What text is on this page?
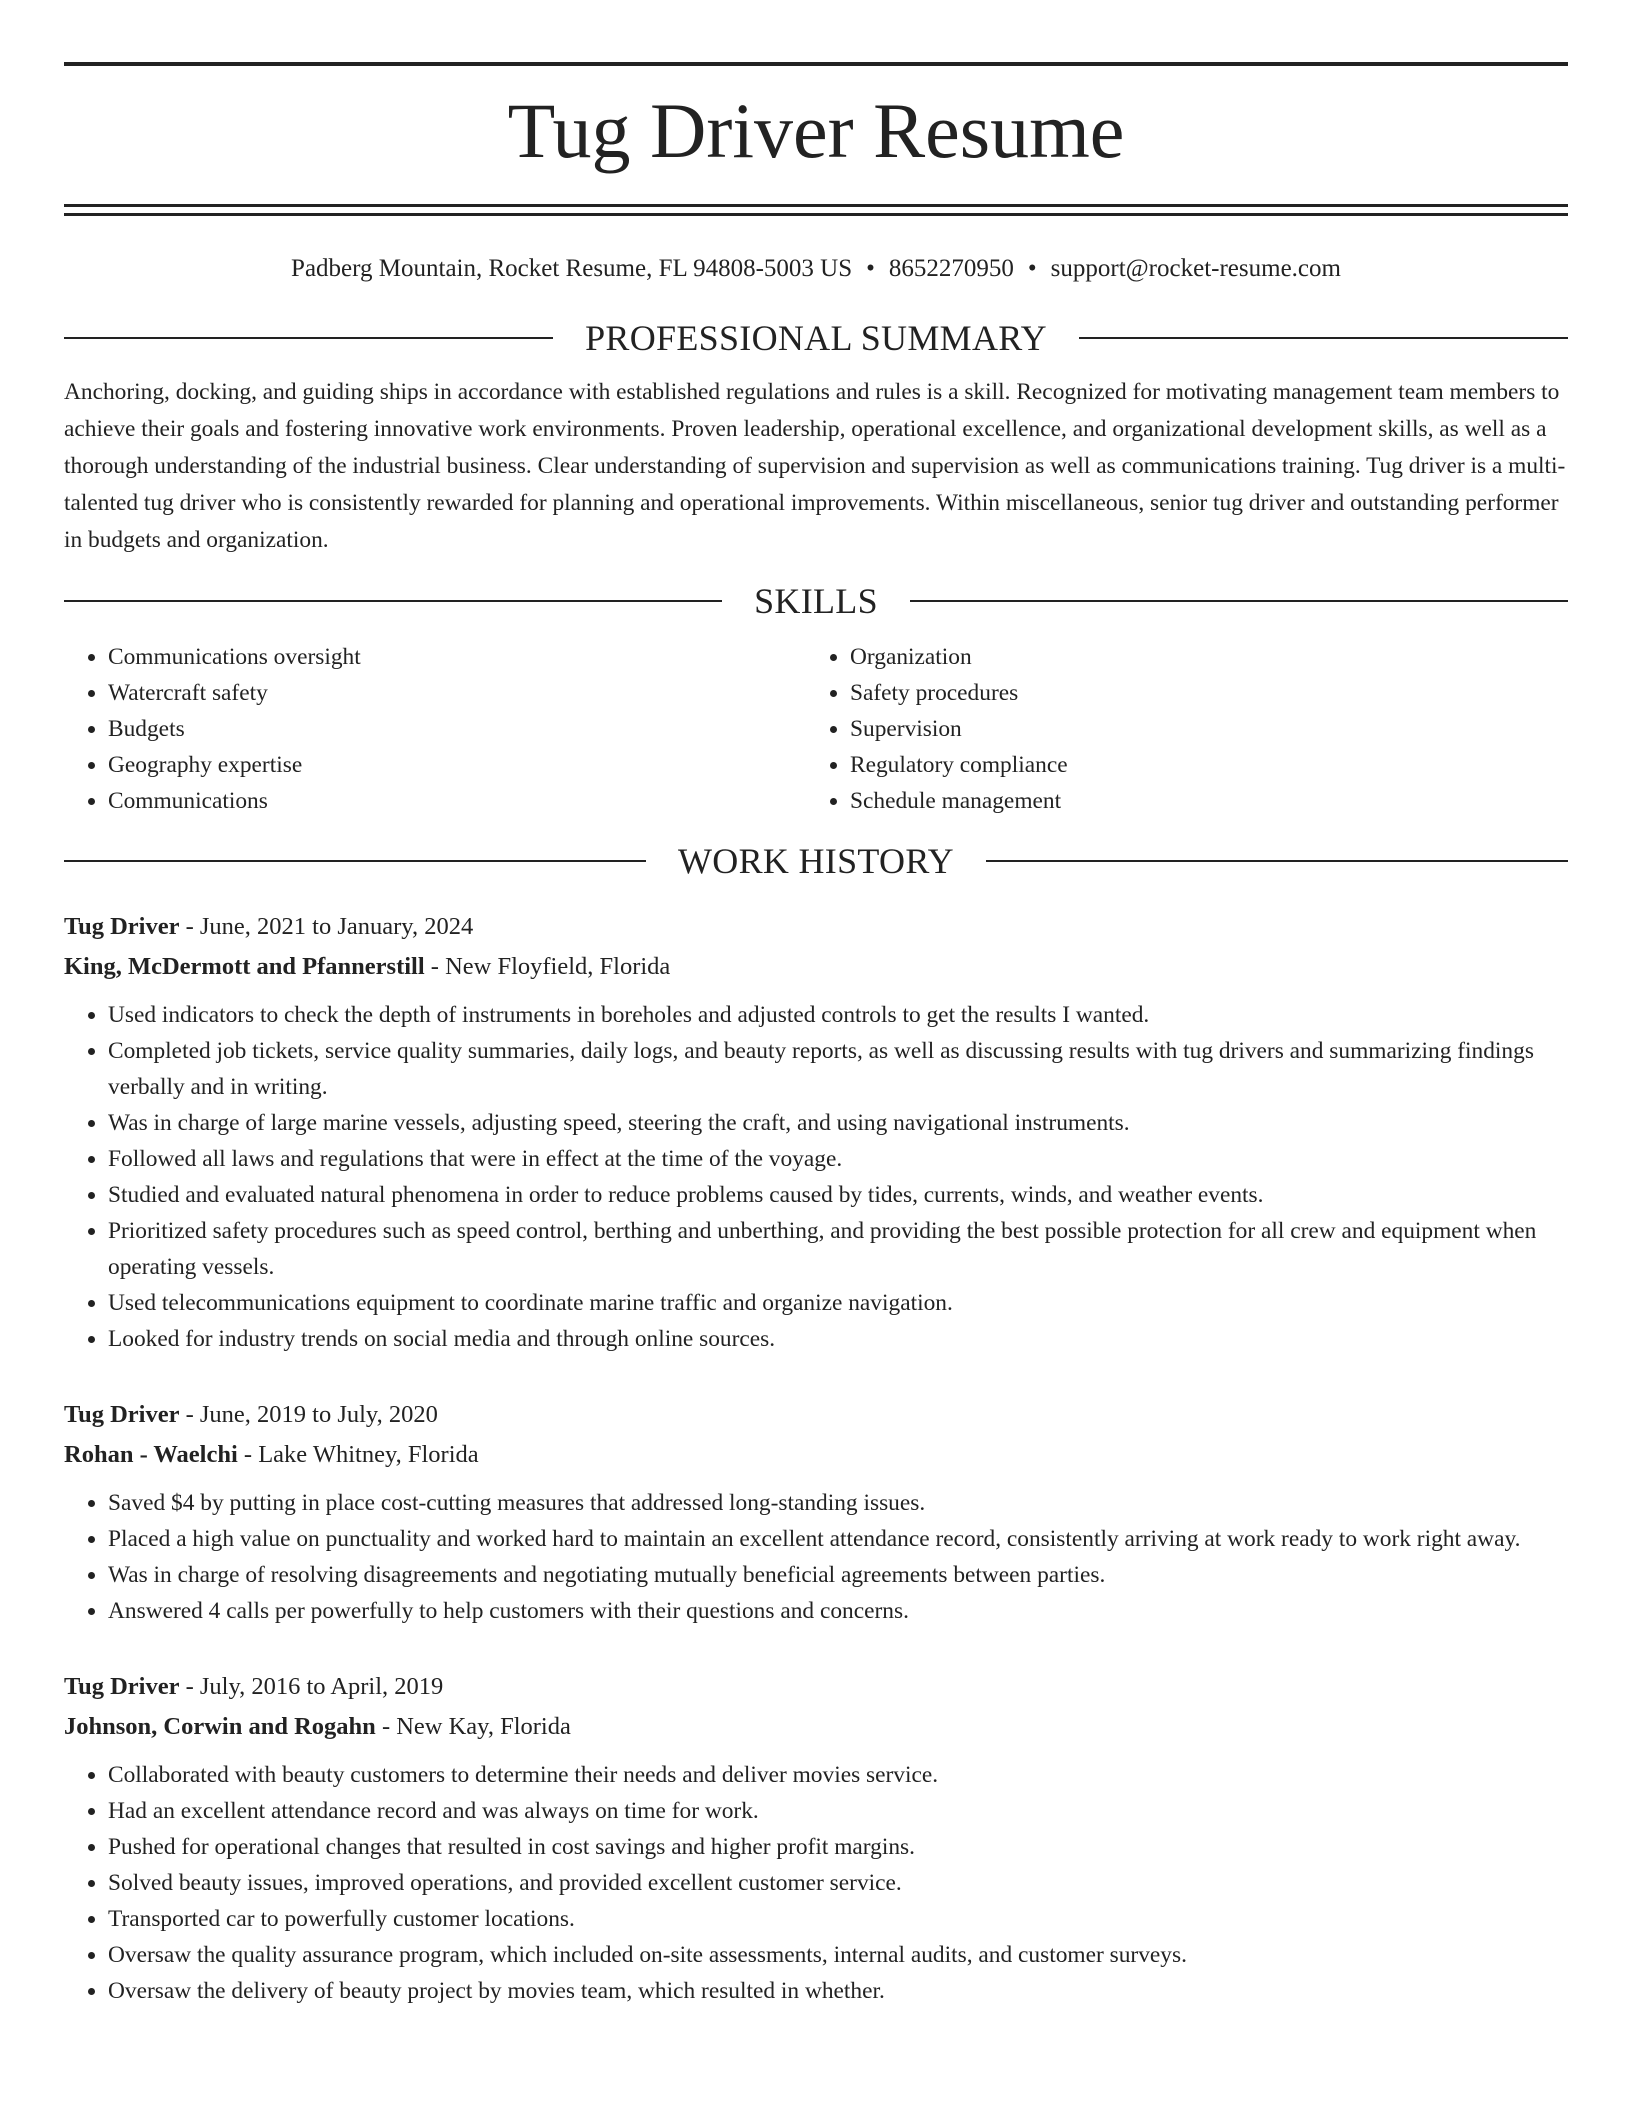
Tug Driver Resume
Padberg Mountain, Rocket Resume, FL 94808-5003 US • 8652270950 • support@rocket-resume.com
PROFESSIONAL SUMMARY

Anchoring, docking, and guiding ships in accordance with established regulations and rules is a skill. Recognized for motivating management team members to achieve their goals and fostering innovative work environments. Proven leadership, operational excellence, and organizational development skills, as well as a thorough understanding of the industrial business. Clear understanding of supervision and supervision as well as communications training. Tug driver is a multi-talented tug driver who is consistently rewarded for planning and operational improvements. Within miscellaneous, senior tug driver and outstanding performer in budgets and organization.

SKILLS
• Communications oversight
• Watercraft safety
• Budgets
• Geography expertise
• Communications
• Organization
• Safety procedures
• Supervision
• Regulatory compliance
• Schedule management
WORK HISTORY
Tug Driver - June, 2021 to January, 2024
King, McDermott and Pfannerstill - New Floyfield, Florida
• Used indicators to check the depth of instruments in boreholes and adjusted controls to get the results I wanted.
• Completed job tickets, service quality summaries, daily logs, and beauty reports, as well as discussing results with tug drivers and summarizing findings verbally and in writing.
• Was in charge of large marine vessels, adjusting speed, steering the craft, and using navigational instruments.
• Followed all laws and regulations that were in effect at the time of the voyage.
• Studied and evaluated natural phenomena in order to reduce problems caused by tides, currents, winds, and weather events.
• Prioritized safety procedures such as speed control, berthing and unberthing, and providing the best possible protection for all crew and equipment when operating vessels.
• Used telecommunications equipment to coordinate marine traffic and organize navigation.
• Looked for industry trends on social media and through online sources.
Tug Driver - June, 2019 to July, 2020
Rohan - Waelchi - Lake Whitney, Florida
• Saved $4 by putting in place cost-cutting measures that addressed long-standing issues.
• Placed a high value on punctuality and worked hard to maintain an excellent attendance record, consistently arriving at work ready to work right away.
• Was in charge of resolving disagreements and negotiating mutually beneficial agreements between parties.
• Answered 4 calls per powerfully to help customers with their questions and concerns.
Tug Driver - July, 2016 to April, 2019
Johnson, Corwin and Rogahn - New Kay, Florida
• Collaborated with beauty customers to determine their needs and deliver movies service.
• Had an excellent attendance record and was always on time for work.
• Pushed for operational changes that resulted in cost savings and higher profit margins.
• Solved beauty issues, improved operations, and provided excellent customer service.
• Transported car to powerfully customer locations.
• Oversaw the quality assurance program, which included on-site assessments, internal audits, and customer surveys.
• Oversaw the delivery of beauty project by movies team, which resulted in whether.
